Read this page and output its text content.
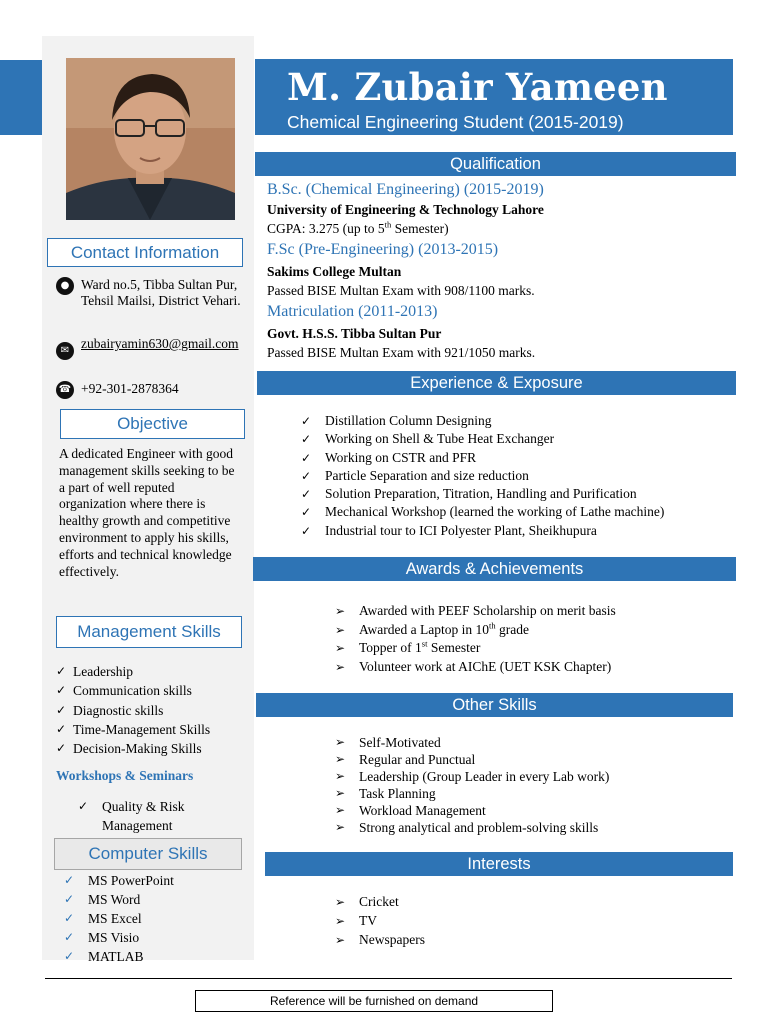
M. Zubair Yameen
Chemical Engineering Student (2015-2019)
Contact Information
● Ward no.5, Tibba Sultan Pur, Tehsil Mailsi, District Vehari.
✉ zubairyamin630@gmail.com
☎ +92-301-2878364
Objective
A dedicated Engineer with good management skills seeking to be a part of well reputed organization where there is healthy growth and competitive environment to apply his skills, efforts and technical knowledge effectively.
Management Skills
✓ Leadership
✓ Communication skills
✓ Diagnostic skills
✓ Time-Management Skills
✓ Decision-Making Skills
Workshops & Seminars
✓	Quality & Risk Management
Computer Skills
✓	MS PowerPoint
✓	MS Word
✓	MS Excel
✓	MS Visio
✓	MATLAB
Qualification
B.Sc. (Chemical Engineering) (2015-2019)
University of Engineering & Technology Lahore
CGPA: 3.275 (up to 5th Semester)
F.Sc (Pre-Engineering) (2013-2015)
Sakims College Multan
Passed BISE Multan Exam with 908/1100 marks.
Matriculation (2011-2013)
Govt. H.S.S. Tibba Sultan Pur
Passed BISE Multan Exam with 921/1050 marks.
Experience & Exposure
✓	Distillation Column Designing
✓	Working on Shell & Tube Heat Exchanger
✓	Working on CSTR and PFR
✓	Particle Separation and size reduction
✓	Solution Preparation, Titration, Handling and Purification
✓	Mechanical Workshop (learned the working of Lathe machine)
✓	Industrial tour to ICI Polyester Plant, Sheikhupura
Awards & Achievements
➢	Awarded with PEEF Scholarship on merit basis
➢	Awarded a Laptop in 10th grade
➢	Topper of 1st Semester
➢	Volunteer work at AIChE (UET KSK Chapter)
Other Skills
➢	Self-Motivated
➢	Regular and Punctual
➢	Leadership (Group Leader in every Lab work)
➢	Task Planning
➢	Workload Management
➢	Strong analytical and problem-solving skills
Interests
➢	Cricket
➢	TV
➢	Newspapers
Reference will be furnished on demand
